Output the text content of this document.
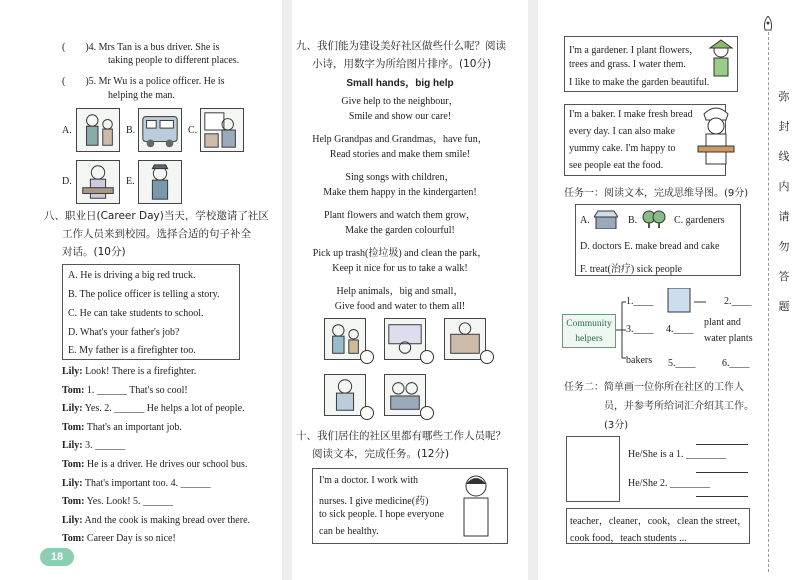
(　　)4. Mrs Tan is a bus driver. She is
taking people to different places.
(　　)5. Mr Wu is a police officer. He is
helping the man.
A.	B.	C.
D.	E.
八、职业日(Career Day)当天，学校邀请了社区
工作人员来到校园。选择合适的句子补全
对话。(10分)
A. He is driving a big red truck.
B. The police officer is telling a story.
C. He can take students to school.
D. What's your father's job?
E. My father is a firefighter too.
Lily: Look! There is a firefighter.
Tom: 1. ______ That's so cool!
Lily: Yes. 2. ______ He helps a lot of people.
Tom: That's an important job.
Lily: 3. ______
Tom: He is a driver. He drives our school bus.
Lily: That's important too. 4. ______
Tom: Yes. Look! 5. ______
Lily: And the cook is making bread over there.
Tom: Career Day is so nice!
18
九、我们能为建设美好社区做些什么呢？阅读
小诗，用数字为所给图片排序。(10分)
Small hands，big help
Give help to the neighbour，
Smile and show our care!
Help Grandpas and Grandmas，have fun，
Read stories and make them smile!
Sing songs with children，
Make them happy in the kindergarten!
Plant flowers and watch them grow，
Make the garden colourful!
Pick up trash(捡垃圾) and clean the park，
Keep it nice for us to take a walk!
Help animals，big and small，
Give food and water to them all!
十、我们居住的社区里都有哪些工作人员呢？
阅读文本，完成任务。(12分)
I'm a doctor. I work with
nurses. I give medicine(药)
to sick people. I hope everyone
can be healthy.
I'm a gardener. I plant flowers，
trees and grass. I water them.
I like to make the garden beautiful.
I'm a baker. I make fresh bread
every day. I can also make
yummy cake. I'm happy to
see people eat the food.
任务一：阅读文本，完成思维导图。(9分)
A.	B.	C. gardeners
D. doctors E. make bread and cake
F. treat(治疗) sick people
Community helpers
1.____	2.____
3.____ 4.____
plant and
water plants
bakers 5.____	6.____
任务二：简单画一位你所在社区的工作人
员，并参考所给词汇介绍其工作。
(3分)
He/She is a 1. ________
He/She 2. ________
teacher，cleaner，cook，clean the street，
cook food，teach students ...
弥
封
线
内
请
勿
答
题
